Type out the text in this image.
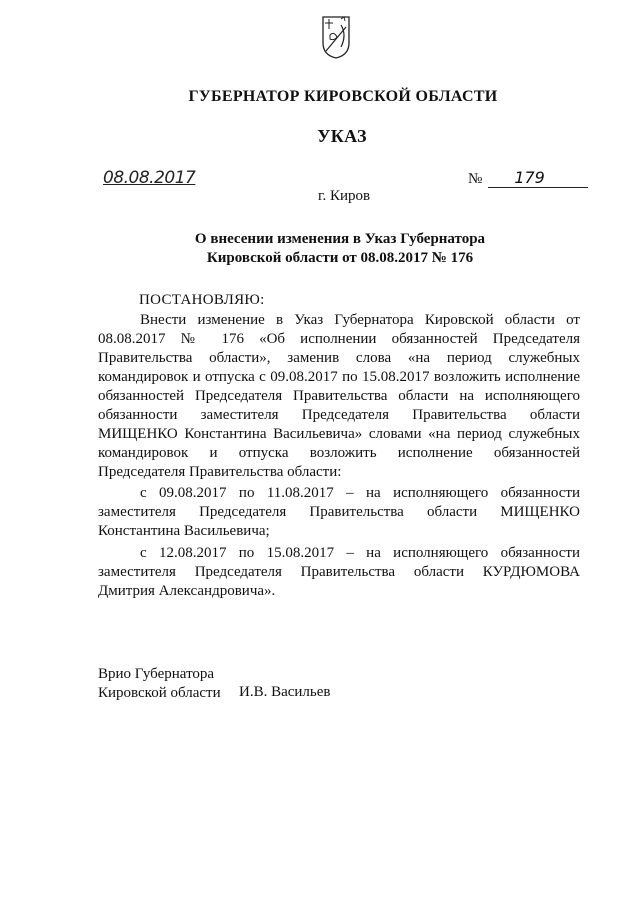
ГУБЕРНАТОР КИРОВСКОЙ ОБЛАСТИ
УКАЗ
08.08.2017	№ 179
г. Киров
О внесении изменения в Указ Губернатора
Кировской области от 08.08.2017 № 176
ПОСТАНОВЛЯЮ:

Внести изменение в Указ Губернатора Кировской области от 08.08.2017 № 176 «Об исполнении обязанностей Председателя Правительства области», заменив слова «на период служебных командировок и отпуска с 09.08.2017 по 15.08.2017 возложить исполнение обязанностей Председателя Правительства области на исполняющего обязанности заместителя Председателя Правительства области МИЩЕНКО Константина Васильевича» словами «на период служебных командировок и отпуска возложить исполнение обязанностей Председателя Правительства области:

с 09.08.2017 по 11.08.2017 – на исполняющего обязанности заместителя Председателя Правительства области МИЩЕНКО Константина Васильевича;

с 12.08.2017 по 15.08.2017 – на исполняющего обязанности заместителя Председателя Правительства области КУРДЮМОВА Дмитрия Александровича».

Врио Губернатора
Кировской области И.В. Васильев
